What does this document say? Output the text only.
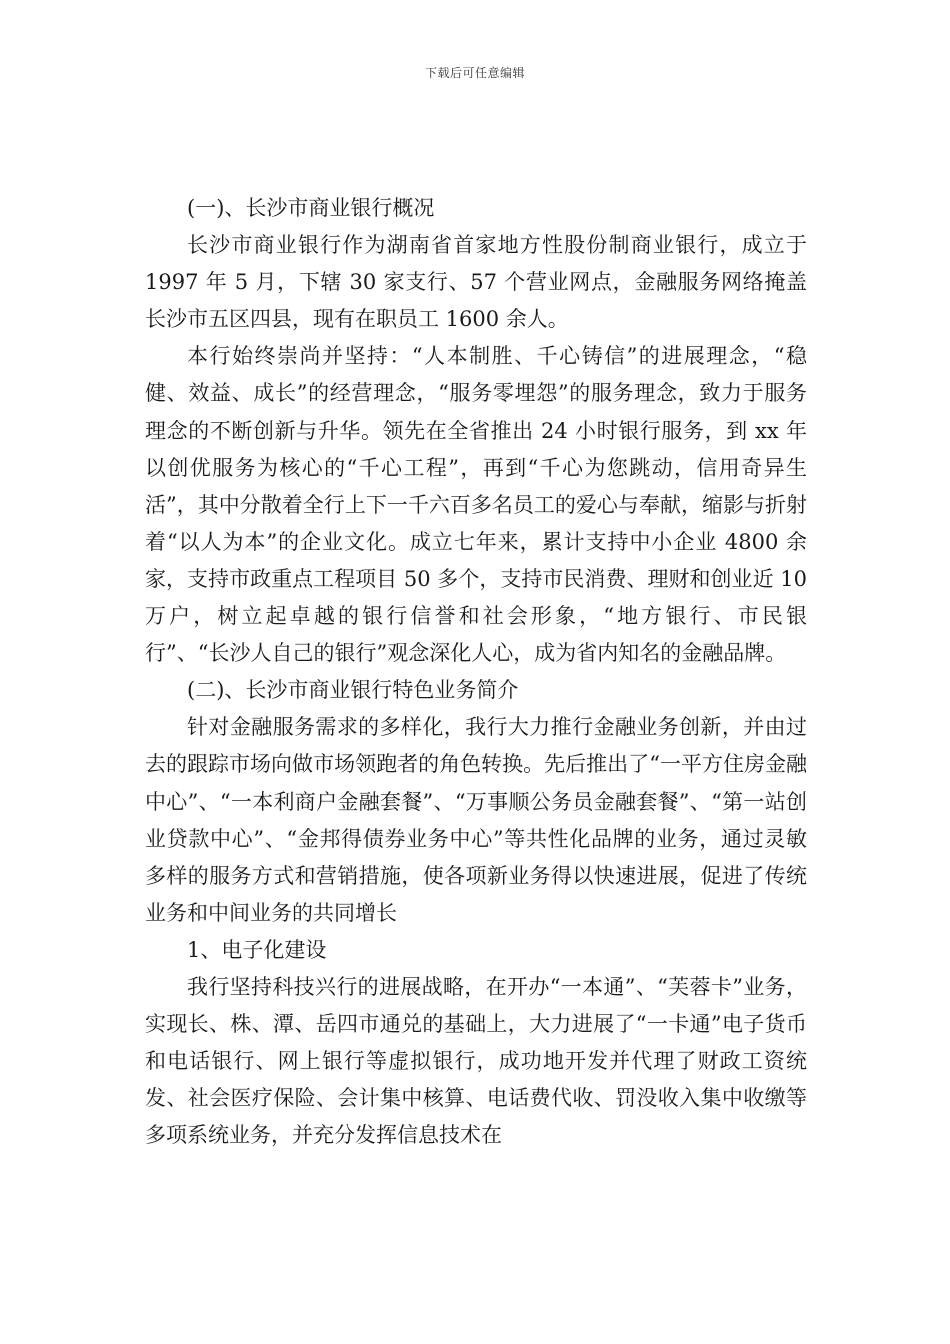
下载后可任意编辑

(一)、长沙市商业银行概况

长沙市商业银行作为湖南省首家地方性股份制商业银行，成立于 1997 年 5 月，下辖 30 家支行、57 个营业网点，金融服务网络掩盖长沙市五区四县，现有在职员工 1600 余人。

本行始终崇尚并坚持：“人本制胜、千心铸信”的进展理念，“稳健、效益、成长”的经营理念，“服务零埋怨”的服务理念，致力于服务理念的不断创新与升华。领先在全省推出 24 小时银行服务，到 xx 年以创优服务为核心的“千心工程”，再到“千心为您跳动，信用奇异生活”，其中分散着全行上下一千六百多名员工的爱心与奉献，缩影与折射着“以人为本”的企业文化。成立七年来，累计支持中小企业 4800 余家，支持市政重点工程项目 50 多个，支持市民消费、理财和创业近 10 万户，树立起卓越的银行信誉和社会形象，“地方银行、市民银行”、“长沙人自己的银行”观念深化人心，成为省内知名的金融品牌。

(二)、长沙市商业银行特色业务简介

针对金融服务需求的多样化，我行大力推行金融业务创新，并由过去的跟踪市场向做市场领跑者的角色转换。先后推出了“一平方住房金融中心”、“一本利商户金融套餐”、“万事顺公务员金融套餐”、“第一站创业贷款中心”、“金邦得债券业务中心”等共性化品牌的业务，通过灵敏多样的服务方式和营销措施，使各项新业务得以快速进展，促进了传统业务和中间业务的共同增长

1、电子化建设

我行坚持科技兴行的进展战略，在开办“一本通”、“芙蓉卡”业务，实现长、株、潭、岳四市通兑的基础上，大力进展了“一卡通”电子货币和电话银行、网上银行等虚拟银行，成功地开发并代理了财政工资统发、社会医疗保险、会计集中核算、电话费代收、罚没收入集中收缴等多项系统业务，并充分发挥信息技术在
